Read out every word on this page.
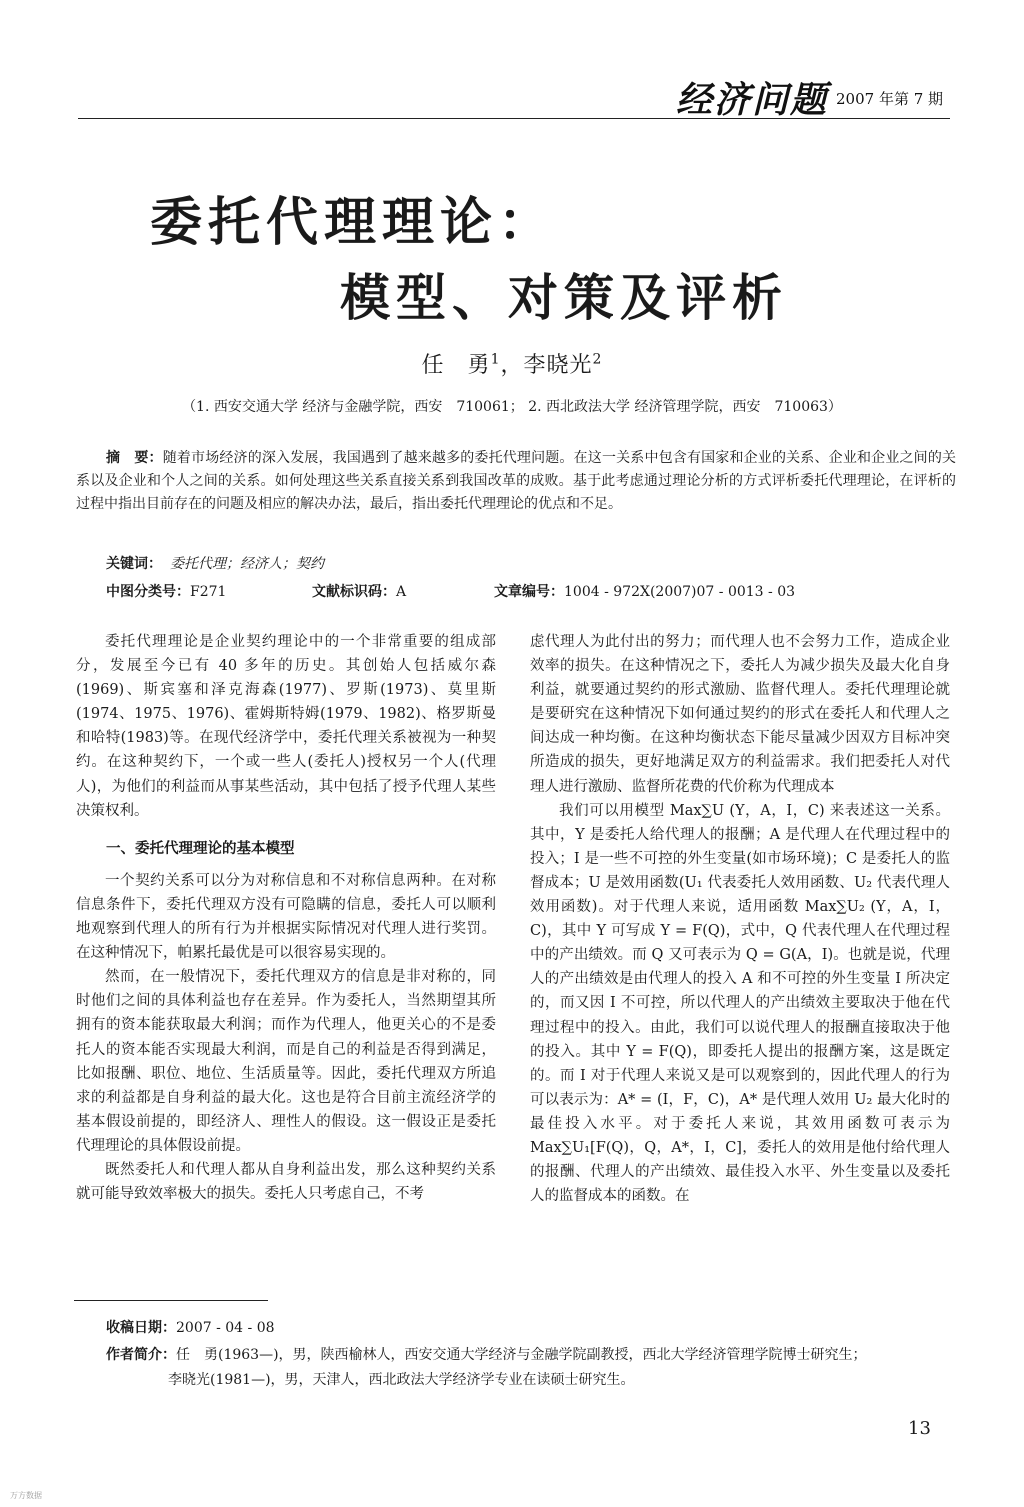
经济问题 2007 年第 7 期
委托代理理论：
模型、对策及评析
任　勇$^1$，李晓光$^2$
（1. 西安交通大学 经济与金融学院，西安　710061； 2. 西北政法大学 经济管理学院，西安　710063）
摘　要：随着市场经济的深入发展，我国遇到了越来越多的委托代理问题。在这一关系中包含有国家和企业的关系、企业和企业之间的关系以及企业和个人之间的关系。如何处理这些关系直接关系到我国改革的成败。基于此考虑通过理论分析的方式评析委托代理理论，在评析的过程中指出目前存在的问题及相应的解决办法，最后，指出委托代理理论的优点和不足。
关键词： 委托代理；经济人；契约
中图分类号：F271	文献标识码：A	文章编号：1004 - 972X(2007)07 - 0013 - 03

委托代理理论是企业契约理论中的一个非常重要的组成部分，发展至今已有 40 多年的历史。其创始人包括威尔森(1969)、斯宾塞和泽克海森(1977)、罗斯(1973)、莫里斯(1974、1975、1976)、霍姆斯特姆(1979、1982)、格罗斯曼和哈特(1983)等。在现代经济学中，委托代理关系被视为一种契约。在这种契约下，一个或一些人(委托人)授权另一个人(代理人)，为他们的利益而从事某些活动，其中包括了授予代理人某些决策权利。

一、委托代理理论的基本模型

一个契约关系可以分为对称信息和不对称信息两种。在对称信息条件下，委托代理双方没有可隐瞒的信息，委托人可以顺利地观察到代理人的所有行为并根据实际情况对代理人进行奖罚。在这种情况下，帕累托最优是可以很容易实现的。

然而，在一般情况下，委托代理双方的信息是非对称的，同时他们之间的具体利益也存在差异。作为委托人，当然期望其所拥有的资本能获取最大利润；而作为代理人，他更关心的不是委托人的资本能否实现最大利润，而是自己的利益是否得到满足，比如报酬、职位、地位、生活质量等。因此，委托代理双方所追求的利益都是自身利益的最大化。这也是符合目前主流经济学的基本假设前提的，即经济人、理性人的假设。这一假设正是委托代理理论的具体假设前提。

既然委托人和代理人都从自身利益出发，那么这种契约关系就可能导致效率极大的损失。委托人只考虑自己，不考

虑代理人为此付出的努力；而代理人也不会努力工作，造成企业效率的损失。在这种情况之下，委托人为减少损失及最大化自身利益，就要通过契约的形式激励、监督代理人。委托代理理论就是要研究在这种情况下如何通过契约的形式在委托人和代理人之间达成一种均衡。在这种均衡状态下能尽量减少因双方目标冲突所造成的损失，更好地满足双方的利益需求。我们把委托人对代理人进行激励、监督所花费的代价称为代理成本

我们可以用模型 Max∑U (Y，A，I，C) 来表述这一关系。其中，Y 是委托人给代理人的报酬；A 是代理人在代理过程中的投入；I 是一些不可控的外生变量(如市场环境)；C 是委托人的监督成本；U 是效用函数(U₁ 代表委托人效用函数、U₂ 代表代理人效用函数)。对于代理人来说，适用函数 Max∑U₂ (Y，A，I，C)，其中 Y 可写成 Y = F(Q)，式中，Q 代表代理人在代理过程中的产出绩效。而 Q 又可表示为 Q = G(A，I)。也就是说，代理人的产出绩效是由代理人的投入 A 和不可控的外生变量 I 所决定的，而又因 I 不可控，所以代理人的产出绩效主要取决于他在代理过程中的投入。由此，我们可以说代理人的报酬直接取决于他的投入。其中 Y = F(Q)，即委托人提出的报酬方案，这是既定的。而 I 对于代理人来说又是可以观察到的，因此代理人的行为可以表示为：A* = (I，F，C)，A* 是代理人效用 U₂ 最大化时的最佳投入水平。对于委托人来说，其效用函数可表示为 Max∑U₁[F(Q)，Q，A*，I，C]，委托人的效用是他付给代理人的报酬、代理人的产出绩效、最佳投入水平、外生变量以及委托人的监督成本的函数。在

收稿日期：2007 - 04 - 08
作者简介：任　勇(1963—)，男，陕西榆林人，西安交通大学经济与金融学院副教授，西北大学经济管理学院博士研究生；
李晓光(1981—)，男，天津人，西北政法大学经济学专业在读硕士研究生。
13
万方数据
